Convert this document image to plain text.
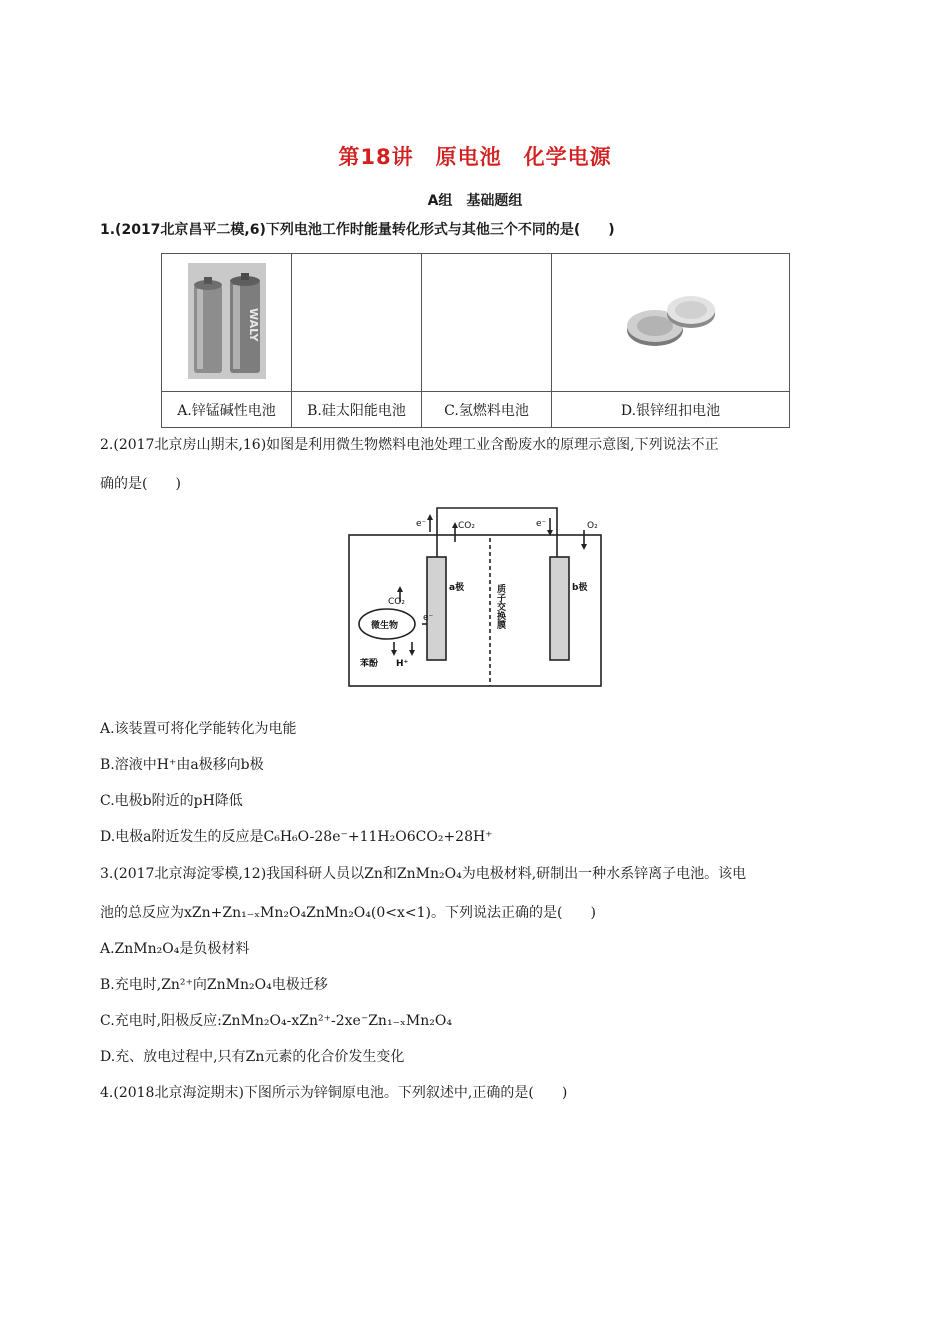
第18讲　原电池　化学电源
A组　基础题组
1.(2017北京昌平二模,6)下列电池工作时能量转化形式与其他三个不同的是(　　)
WALY

A.锌锰碱性电池	B.硅太阳能电池	C.氢燃料电池	D.银锌纽扣电池
2.(2017北京房山期末,16)如图是利用微生物燃料电池处理工业含酚废水的原理示意图,下列说法不正
确的是(　　)
e⁻	CO₂	e⁻	O₂
a极	b极
质子交换膜
CO₂
微生物
e⁻
苯酚 H⁺
A.该装置可将化学能转化为电能
B.溶液中H⁺由a极移向b极
C.电极b附近的pH降低
D.电极a附近发生的反应是C₆H₆O-28e⁻+11H₂O6CO₂+28H⁺
3.(2017北京海淀零模,12)我国科研人员以Zn和ZnMn₂O₄为电极材料,研制出一种水系锌离子电池。该电
池的总反应为xZn+Zn₁₋ₓMn₂O₄ZnMn₂O₄(0<x<1)。下列说法正确的是(　　)
A.ZnMn₂O₄是负极材料
B.充电时,Zn²⁺向ZnMn₂O₄电极迁移
C.充电时,阳极反应:ZnMn₂O₄-xZn²⁺-2xe⁻Zn₁₋ₓMn₂O₄
D.充、放电过程中,只有Zn元素的化合价发生变化
4.(2018北京海淀期末)下图所示为锌铜原电池。下列叙述中,正确的是(　　)
